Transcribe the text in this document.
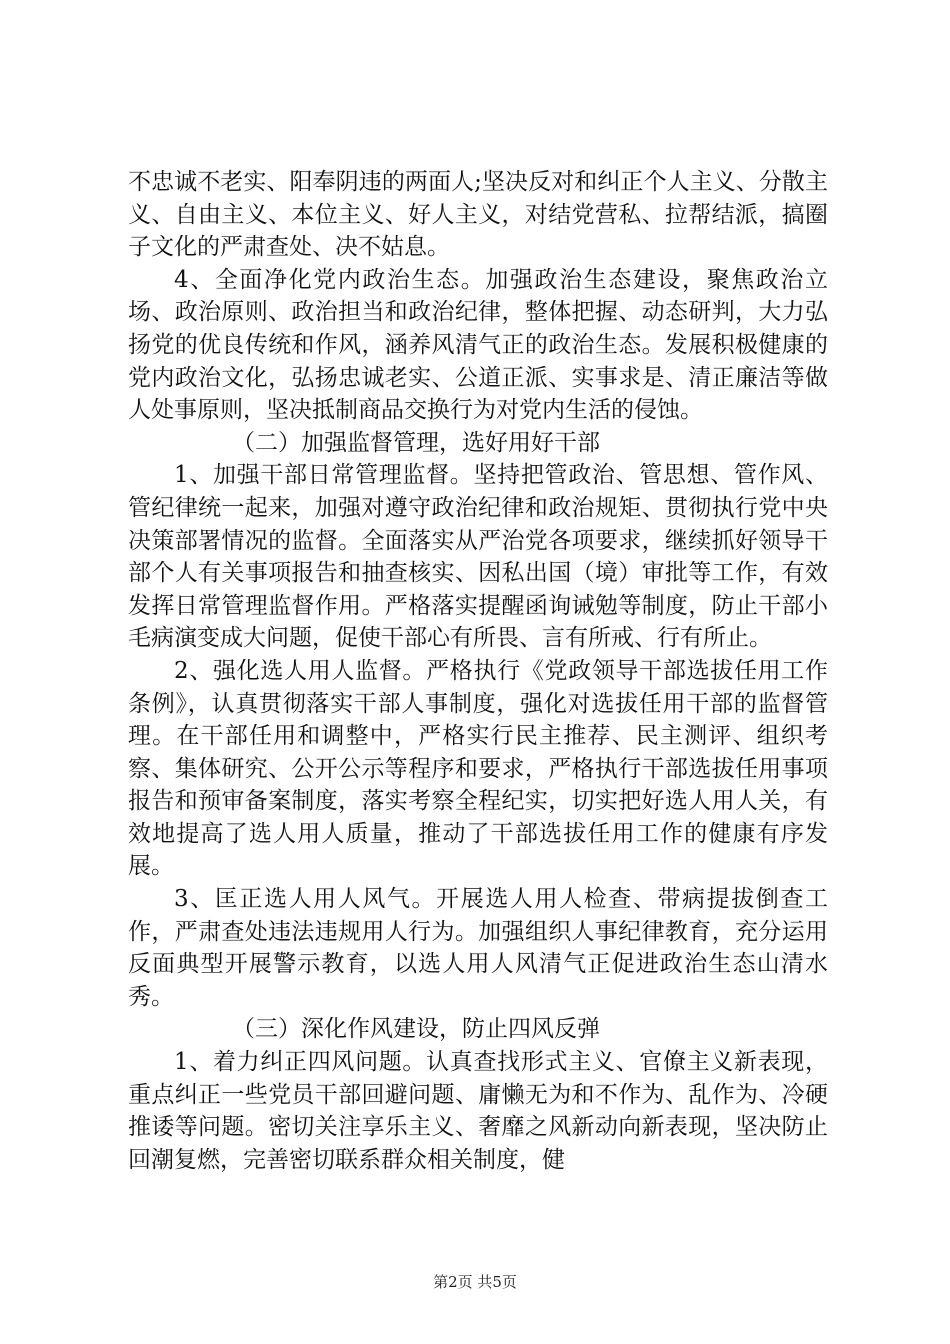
不忠诚不老实、阳奉阴违的两面人;坚决反对和纠正个人主义、分散主义、自由主义、本位主义、好人主义，对结党营私、拉帮结派，搞圈子文化的严肃查处、决不姑息。

4、全面净化党内政治生态。加强政治生态建设，聚焦政治立场、政治原则、政治担当和政治纪律，整体把握、动态研判，大力弘扬党的优良传统和作风，涵养风清气正的政治生态。发展积极健康的党内政治文化，弘扬忠诚老实、公道正派、实事求是、清正廉洁等做人处事原则，坚决抵制商品交换行为对党内生活的侵蚀。

（二）加强监督管理，选好用好干部

1、加强干部日常管理监督。坚持把管政治、管思想、管作风、管纪律统一起来，加强对遵守政治纪律和政治规矩、贯彻执行党中央决策部署情况的监督。全面落实从严治党各项要求，继续抓好领导干部个人有关事项报告和抽查核实、因私出国（境）审批等工作，有效发挥日常管理监督作用。严格落实提醒函询诫勉等制度，防止干部小毛病演变成大问题，促使干部心有所畏、言有所戒、行有所止。

2、强化选人用人监督。严格执行《党政领导干部选拔任用工作条例》，认真贯彻落实干部人事制度，强化对选拔任用干部的监督管理。在干部任用和调整中，严格实行民主推荐、民主测评、组织考察、集体研究、公开公示等程序和要求，严格执行干部选拔任用事项报告和预审备案制度，落实考察全程纪实，切实把好选人用人关，有效地提高了选人用人质量，推动了干部选拔任用工作的健康有序发展。

3、匡正选人用人风气。开展选人用人检查、带病提拔倒查工作，严肃查处违法违规用人行为。加强组织人事纪律教育，充分运用反面典型开展警示教育，以选人用人风清气正促进政治生态山清水秀。

（三）深化作风建设，防止四风反弹

1、着力纠正四风问题。认真查找形式主义、官僚主义新表现，重点纠正一些党员干部回避问题、庸懒无为和不作为、乱作为、冷硬推诿等问题。密切关注享乐主义、奢靡之风新动向新表现，坚决防止回潮复燃，完善密切联系群众相关制度，健

第2页 共5页
